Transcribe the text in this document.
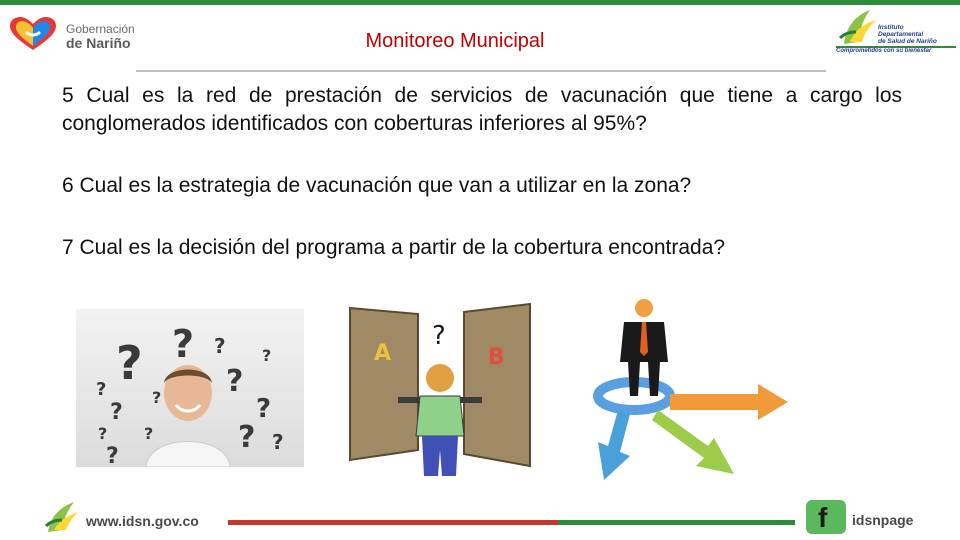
Gobernación
de Nariño	Monitoreo Municipal
Instituto
Departamental
de Salud de Nariño
Comprometidos con su bienestar

5 Cual es la red de prestación de servicios de vacunación que tiene a cargo los conglomerados identificados con coberturas inferiores al 95%?

6 Cual es la estrategia de vacunación que van a utilizar en la zona?

7 Cual es la decisión del programa a partir de la cobertura encontrada?

? ? ?
?
?
?
?	?
? ?
?
? ?
?
A	B
?
www.idsn.gov.co	f idsnpage
